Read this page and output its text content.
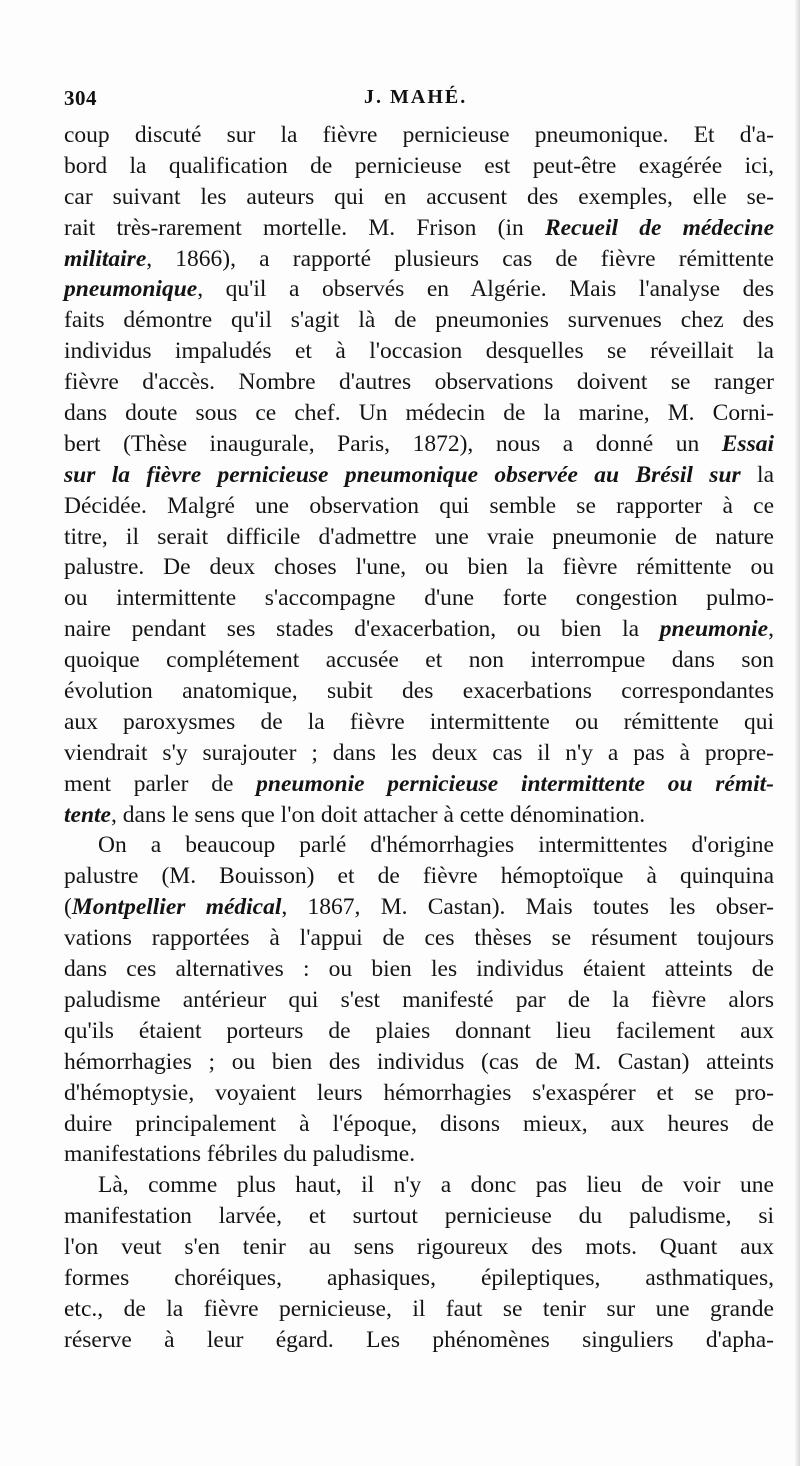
304	J. MAHÉ.
coup discuté sur la fièvre pernicieuse pneumonique. Et d'a-
bord la qualification de pernicieuse est peut-être exagérée ici,
car suivant les auteurs qui en accusent des exemples, elle se-
rait très-rarement mortelle. M. Frison (in Recueil de médecine
militaire, 1866), a rapporté plusieurs cas de fièvre rémittente
pneumonique, qu'il a observés en Algérie. Mais l'analyse des
faits démontre qu'il s'agit là de pneumonies survenues chez des
individus impaludés et à l'occasion desquelles se réveillait la
fièvre d'accès. Nombre d'autres observations doivent se ranger
dans doute sous ce chef. Un médecin de la marine, M. Corni-
bert (Thèse inaugurale, Paris, 1872), nous a donné un Essai
sur la fièvre pernicieuse pneumonique observée au Brésil sur la
Décidée. Malgré une observation qui semble se rapporter à ce
titre, il serait difficile d'admettre une vraie pneumonie de nature
palustre. De deux choses l'une, ou bien la fièvre rémittente ou
ou intermittente s'accompagne d'une forte congestion pulmo-
naire pendant ses stades d'exacerbation, ou bien la pneumonie,
quoique complétement accusée et non interrompue dans son
évolution anatomique, subit des exacerbations correspondantes
aux paroxysmes de la fièvre intermittente ou rémittente qui
viendrait s'y surajouter ; dans les deux cas il n'y a pas à propre-
ment parler de pneumonie pernicieuse intermittente ou rémit-
tente, dans le sens que l'on doit attacher à cette dénomination.
On a beaucoup parlé d'hémorrhagies intermittentes d'origine
palustre (M. Bouisson) et de fièvre hémoptoïque à quinquina
(Montpellier médical, 1867, M. Castan). Mais toutes les obser-
vations rapportées à l'appui de ces thèses se résument toujours
dans ces alternatives : ou bien les individus étaient atteints de
paludisme antérieur qui s'est manifesté par de la fièvre alors
qu'ils étaient porteurs de plaies donnant lieu facilement aux
hémorrhagies ; ou bien des individus (cas de M. Castan) atteints
d'hémoptysie, voyaient leurs hémorrhagies s'exaspérer et se pro-
duire principalement à l'époque, disons mieux, aux heures de
manifestations fébriles du paludisme.
Là, comme plus haut, il n'y a donc pas lieu de voir une
manifestation larvée, et surtout pernicieuse du paludisme, si
l'on veut s'en tenir au sens rigoureux des mots. Quant aux
formes choréiques, aphasiques, épileptiques, asthmatiques,
etc., de la fièvre pernicieuse, il faut se tenir sur une grande
réserve à leur égard. Les phénomènes singuliers d'apha-
